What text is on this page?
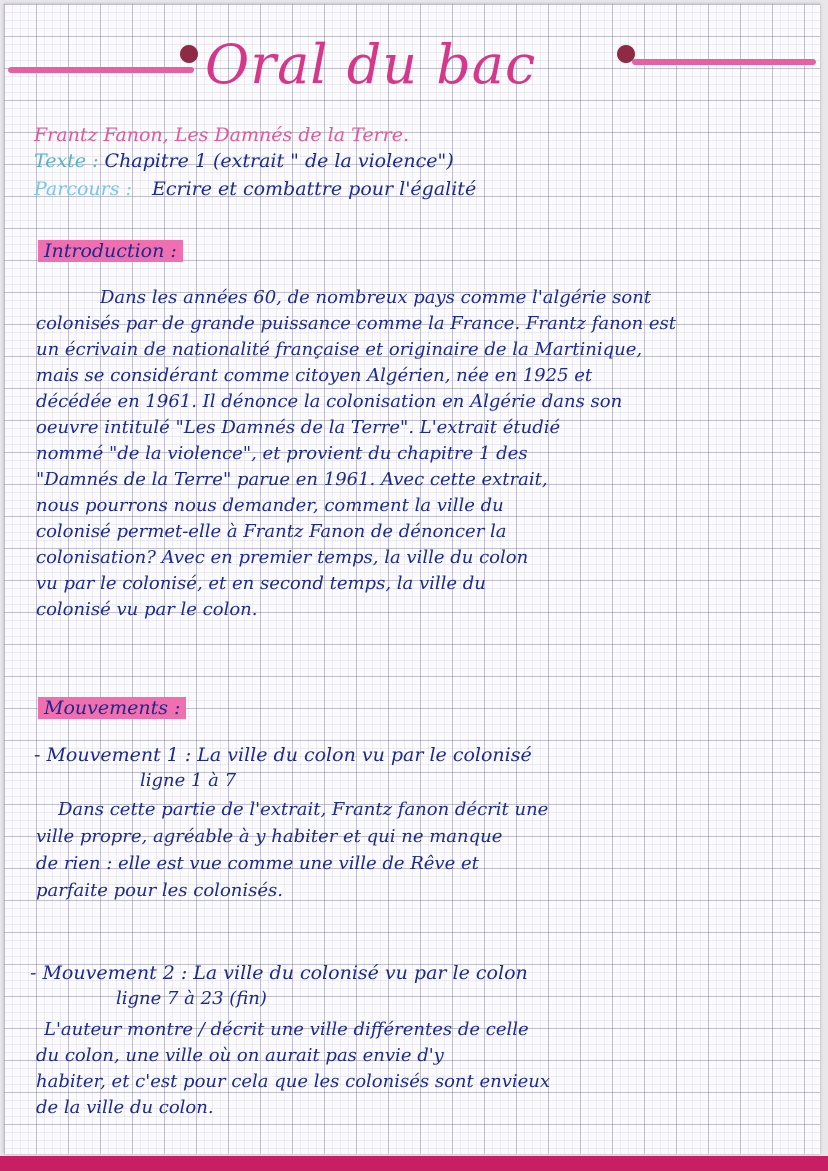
Oral du bac
Frantz Fanon, Les Damnés de la Terre.
Texte : Chapitre 1 (extrait " de la violence")
Parcours : Ecrire et combattre pour l'égalité
Introduction :
Dans les années 60, de nombreux pays comme l'algérie sont
colonisés par de grande puissance comme la France. Frantz fanon est
un écrivain de nationalité française et originaire de la Martinique,
mais se considérant comme citoyen Algérien, née en 1925 et
décédée en 1961. Il dénonce la colonisation en Algérie dans son
oeuvre intitulé "Les Damnés de la Terre". L'extrait étudié
nommé "de la violence", et provient du chapitre 1 des
"Damnés de la Terre" parue en 1961. Avec cette extrait,
nous pourrons nous demander, comment la ville du
colonisé permet-elle à Frantz Fanon de dénoncer la
colonisation? Avec en premier temps, la ville du colon
vu par le colonisé, et en second temps, la ville du
colonisé vu par le colon.
Mouvements :
- Mouvement 1 : La ville du colon vu par le colonisé
ligne 1 à 7
Dans cette partie de l'extrait, Frantz fanon décrit une
ville propre, agréable à y habiter et qui ne manque
de rien : elle est vue comme une ville de Rêve et
parfaite pour les colonisés.
- Mouvement 2 : La ville du colonisé vu par le colon
ligne 7 à 23 (fin)
L'auteur montre / décrit une ville différentes de celle
du colon, une ville où on aurait pas envie d'y
habiter, et c'est pour cela que les colonisés sont envieux
de la ville du colon.
